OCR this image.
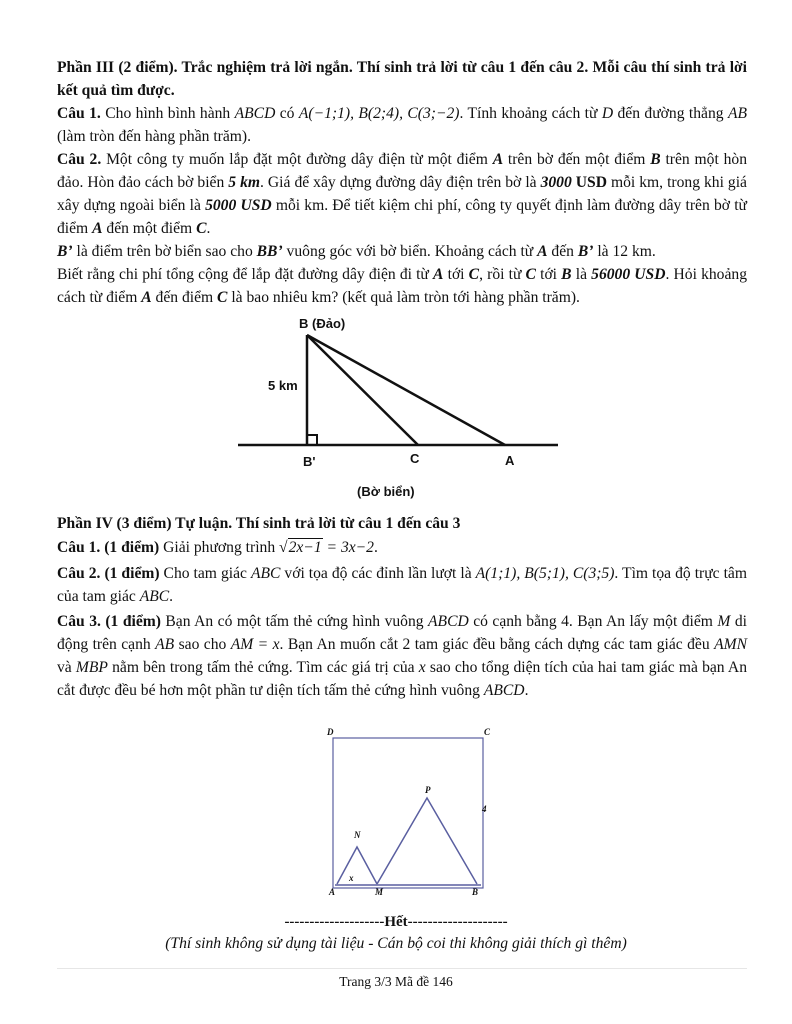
Phần III (2 điểm). Trắc nghiệm trả lời ngắn. Thí sinh trả lời từ câu 1 đến câu 2. Mỗi câu thí sinh trả lời kết quả tìm được.

Câu 1. Cho hình bình hành ABCD có A(−1;1), B(2;4), C(3;−2). Tính khoảng cách từ D đến đường thẳng AB (làm tròn đến hàng phần trăm).

Câu 2. Một công ty muốn lắp đặt một đường dây điện từ một điểm A trên bờ đến một điểm B trên một hòn đảo. Hòn đảo cách bờ biển 5 km. Giá để xây dựng đường dây điện trên bờ là 3000 USD mỗi km, trong khi giá xây dựng ngoài biển là 5000 USD mỗi km. Để tiết kiệm chi phí, công ty quyết định làm đường dây trên bờ từ điểm A đến một điểm C.

B’ là điểm trên bờ biển sao cho BB’ vuông góc với bờ biển. Khoảng cách từ A đến B’ là 12 km.
Biết rằng chi phí tổng cộng để lắp đặt đường dây điện đi từ A tới C, rồi từ C tới B là 56000 USD. Hỏi khoảng cách từ điểm A đến điểm C là bao nhiêu km? (kết quả làm tròn tới hàng phần trăm).

B (Đảo)
5 km
B'	C	A
(Bờ biển)

Phần IV (3 điểm) Tự luận. Thí sinh trả lời từ câu 1 đến câu 3

Câu 1. (1 điểm) Giải phương trình √2x−1 = 3x−2.

Câu 2. (1 điểm) Cho tam giác ABC với tọa độ các đỉnh lần lượt là A(1;1), B(5;1), C(3;5). Tìm tọa độ trực tâm của tam giác ABC.

Câu 3. (1 điểm) Bạn An có một tấm thẻ cứng hình vuông ABCD có cạnh bằng 4. Bạn An lấy một điểm M di động trên cạnh AB sao cho AM = x. Bạn An muốn cắt 2 tam giác đều bằng cách dựng các tam giác đều AMN và MBP nằm bên trong tấm thẻ cứng. Tìm các giá trị của x sao cho tổng diện tích của hai tam giác mà bạn An cắt được đều bé hơn một phần tư diện tích tấm thẻ cứng hình vuông ABCD.

D	C
P
4
N
x
A	M	B
--------------------Hết--------------------
(Thí sinh không sử dụng tài liệu - Cán bộ coi thi không giải thích gì thêm)
Trang 3/3 Mã đề 146
